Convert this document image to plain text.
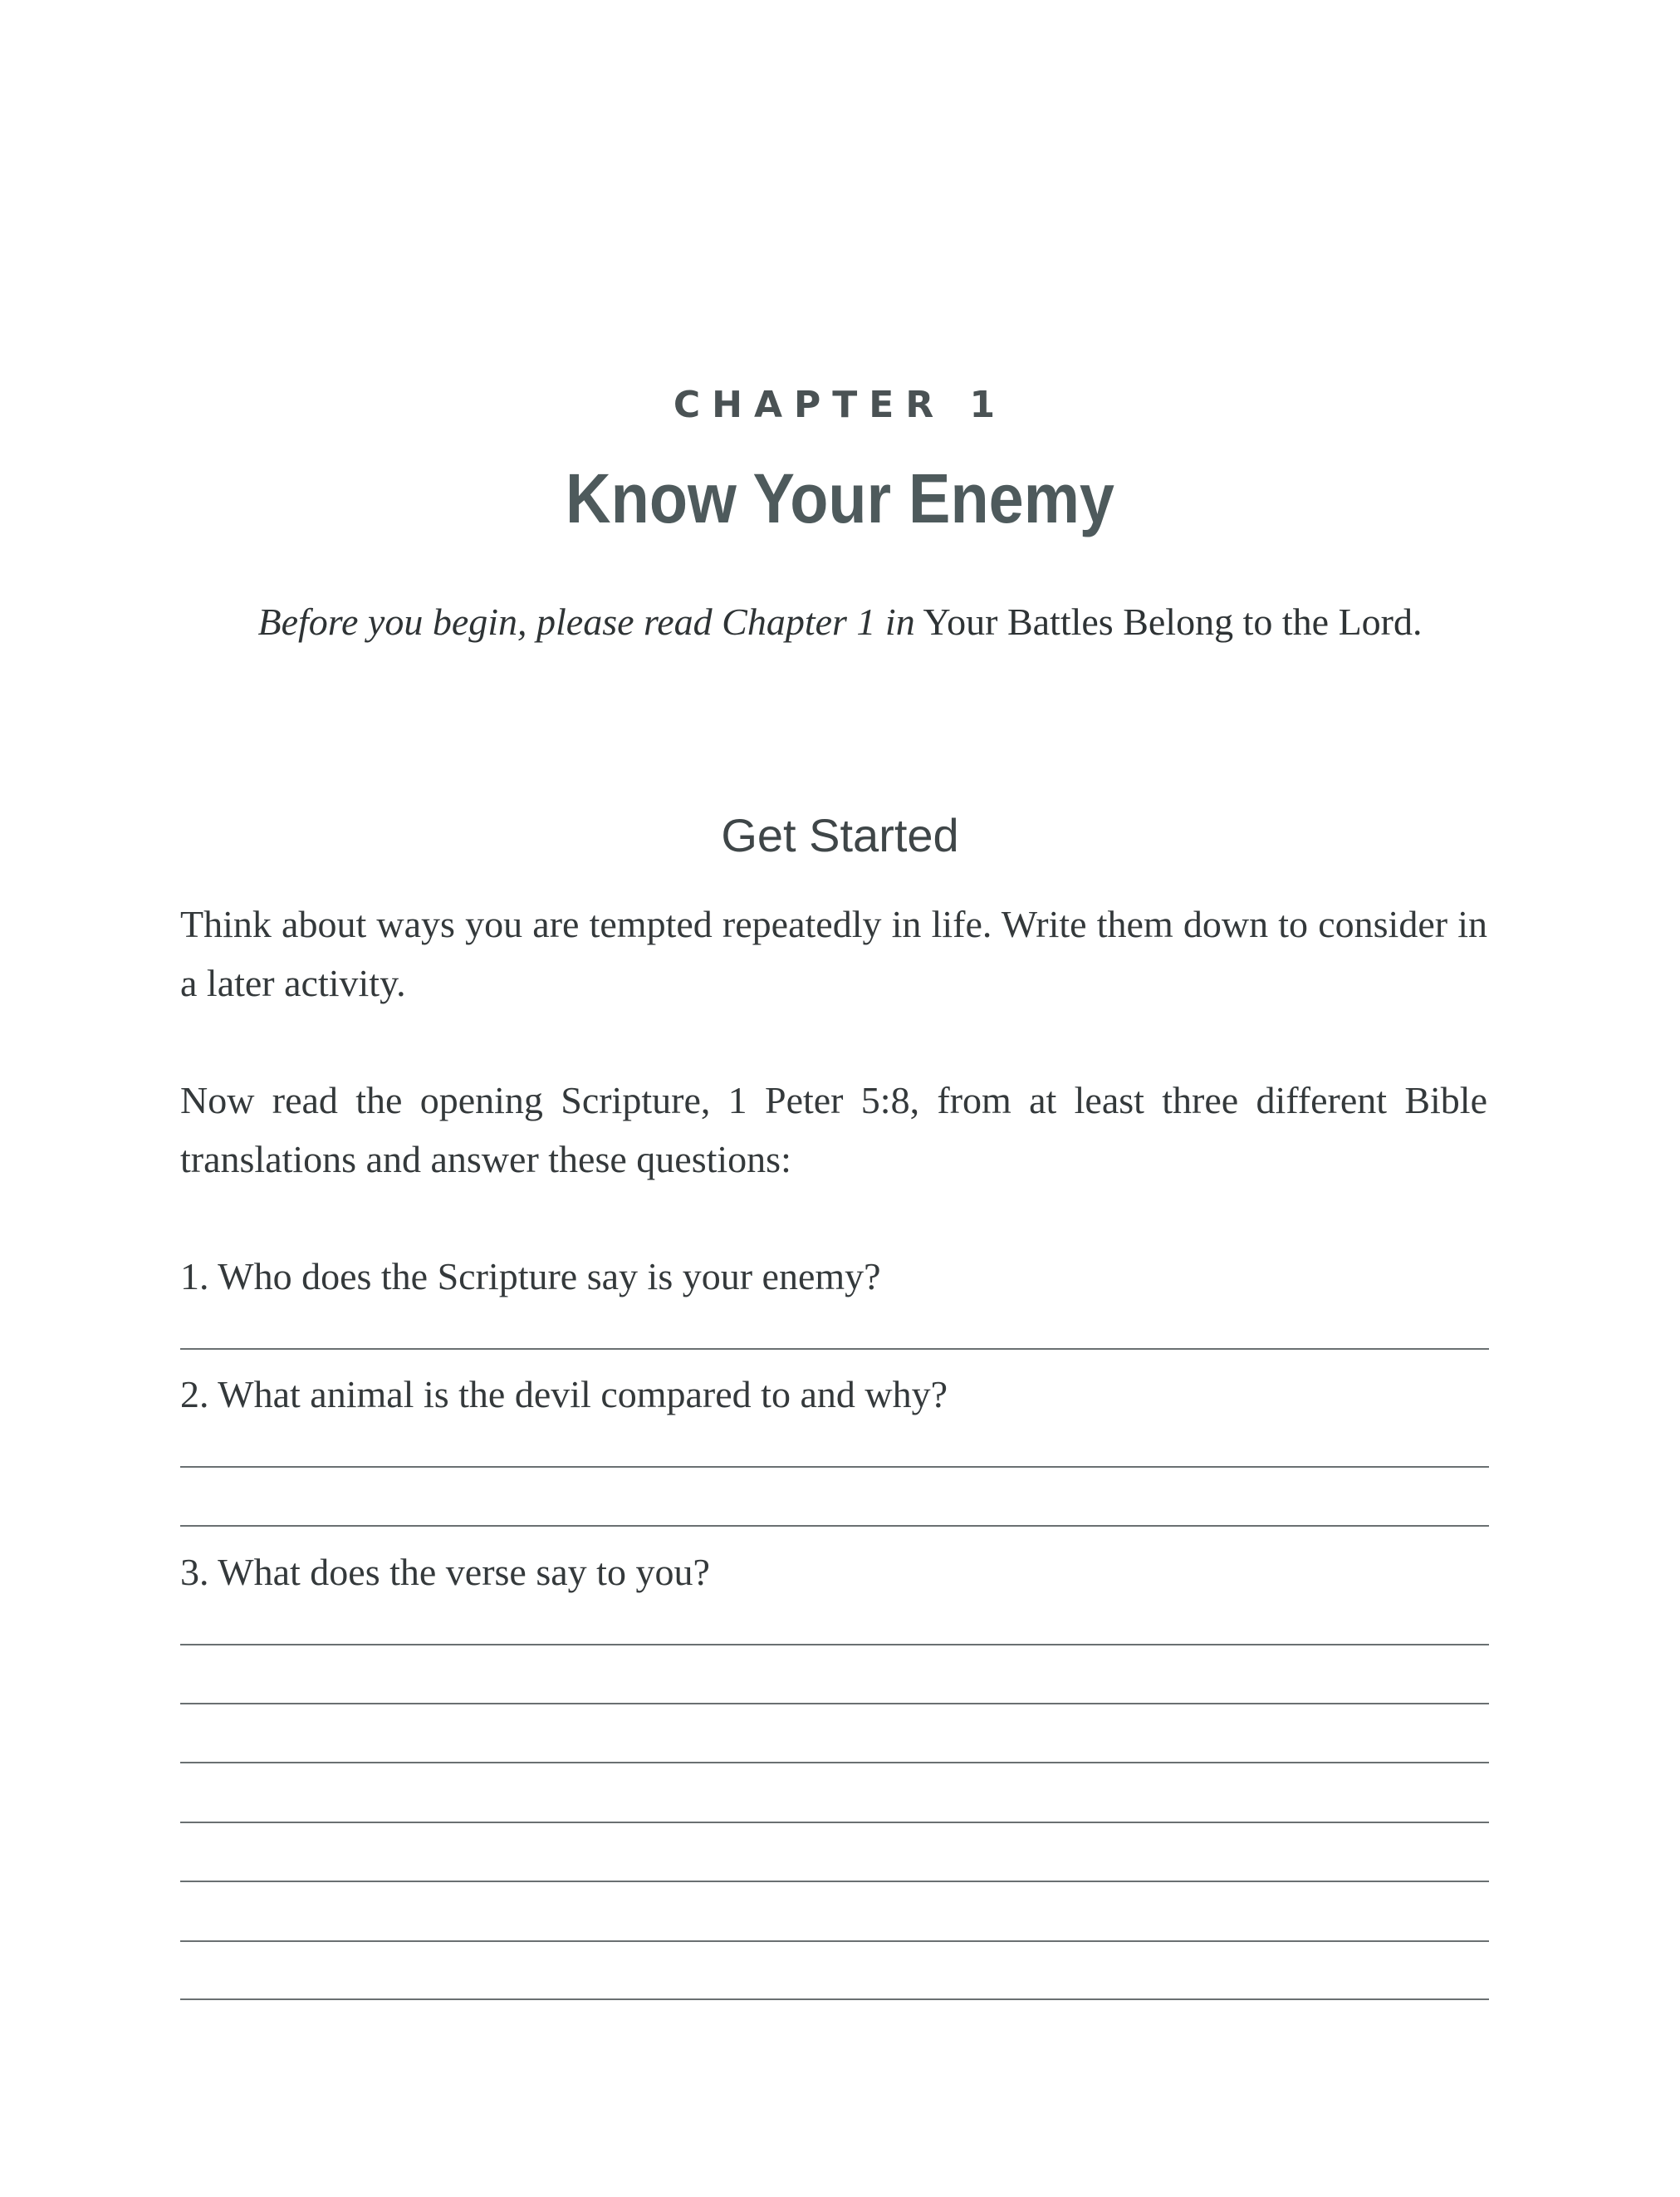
CHAPTER 1
Know Your Enemy
Before you begin, please read Chapter 1 in Your Battles Belong to the Lord.
Get Started
Think about ways you are tempted repeatedly in life. Write them down to consider in a later activity.
Now read the opening Scripture, 1 Peter 5:8, from at least three different Bible translations and answer these questions:
1. Who does the Scripture say is your enemy?
2. What animal is the devil compared to and why?
3. What does the verse say to you?
